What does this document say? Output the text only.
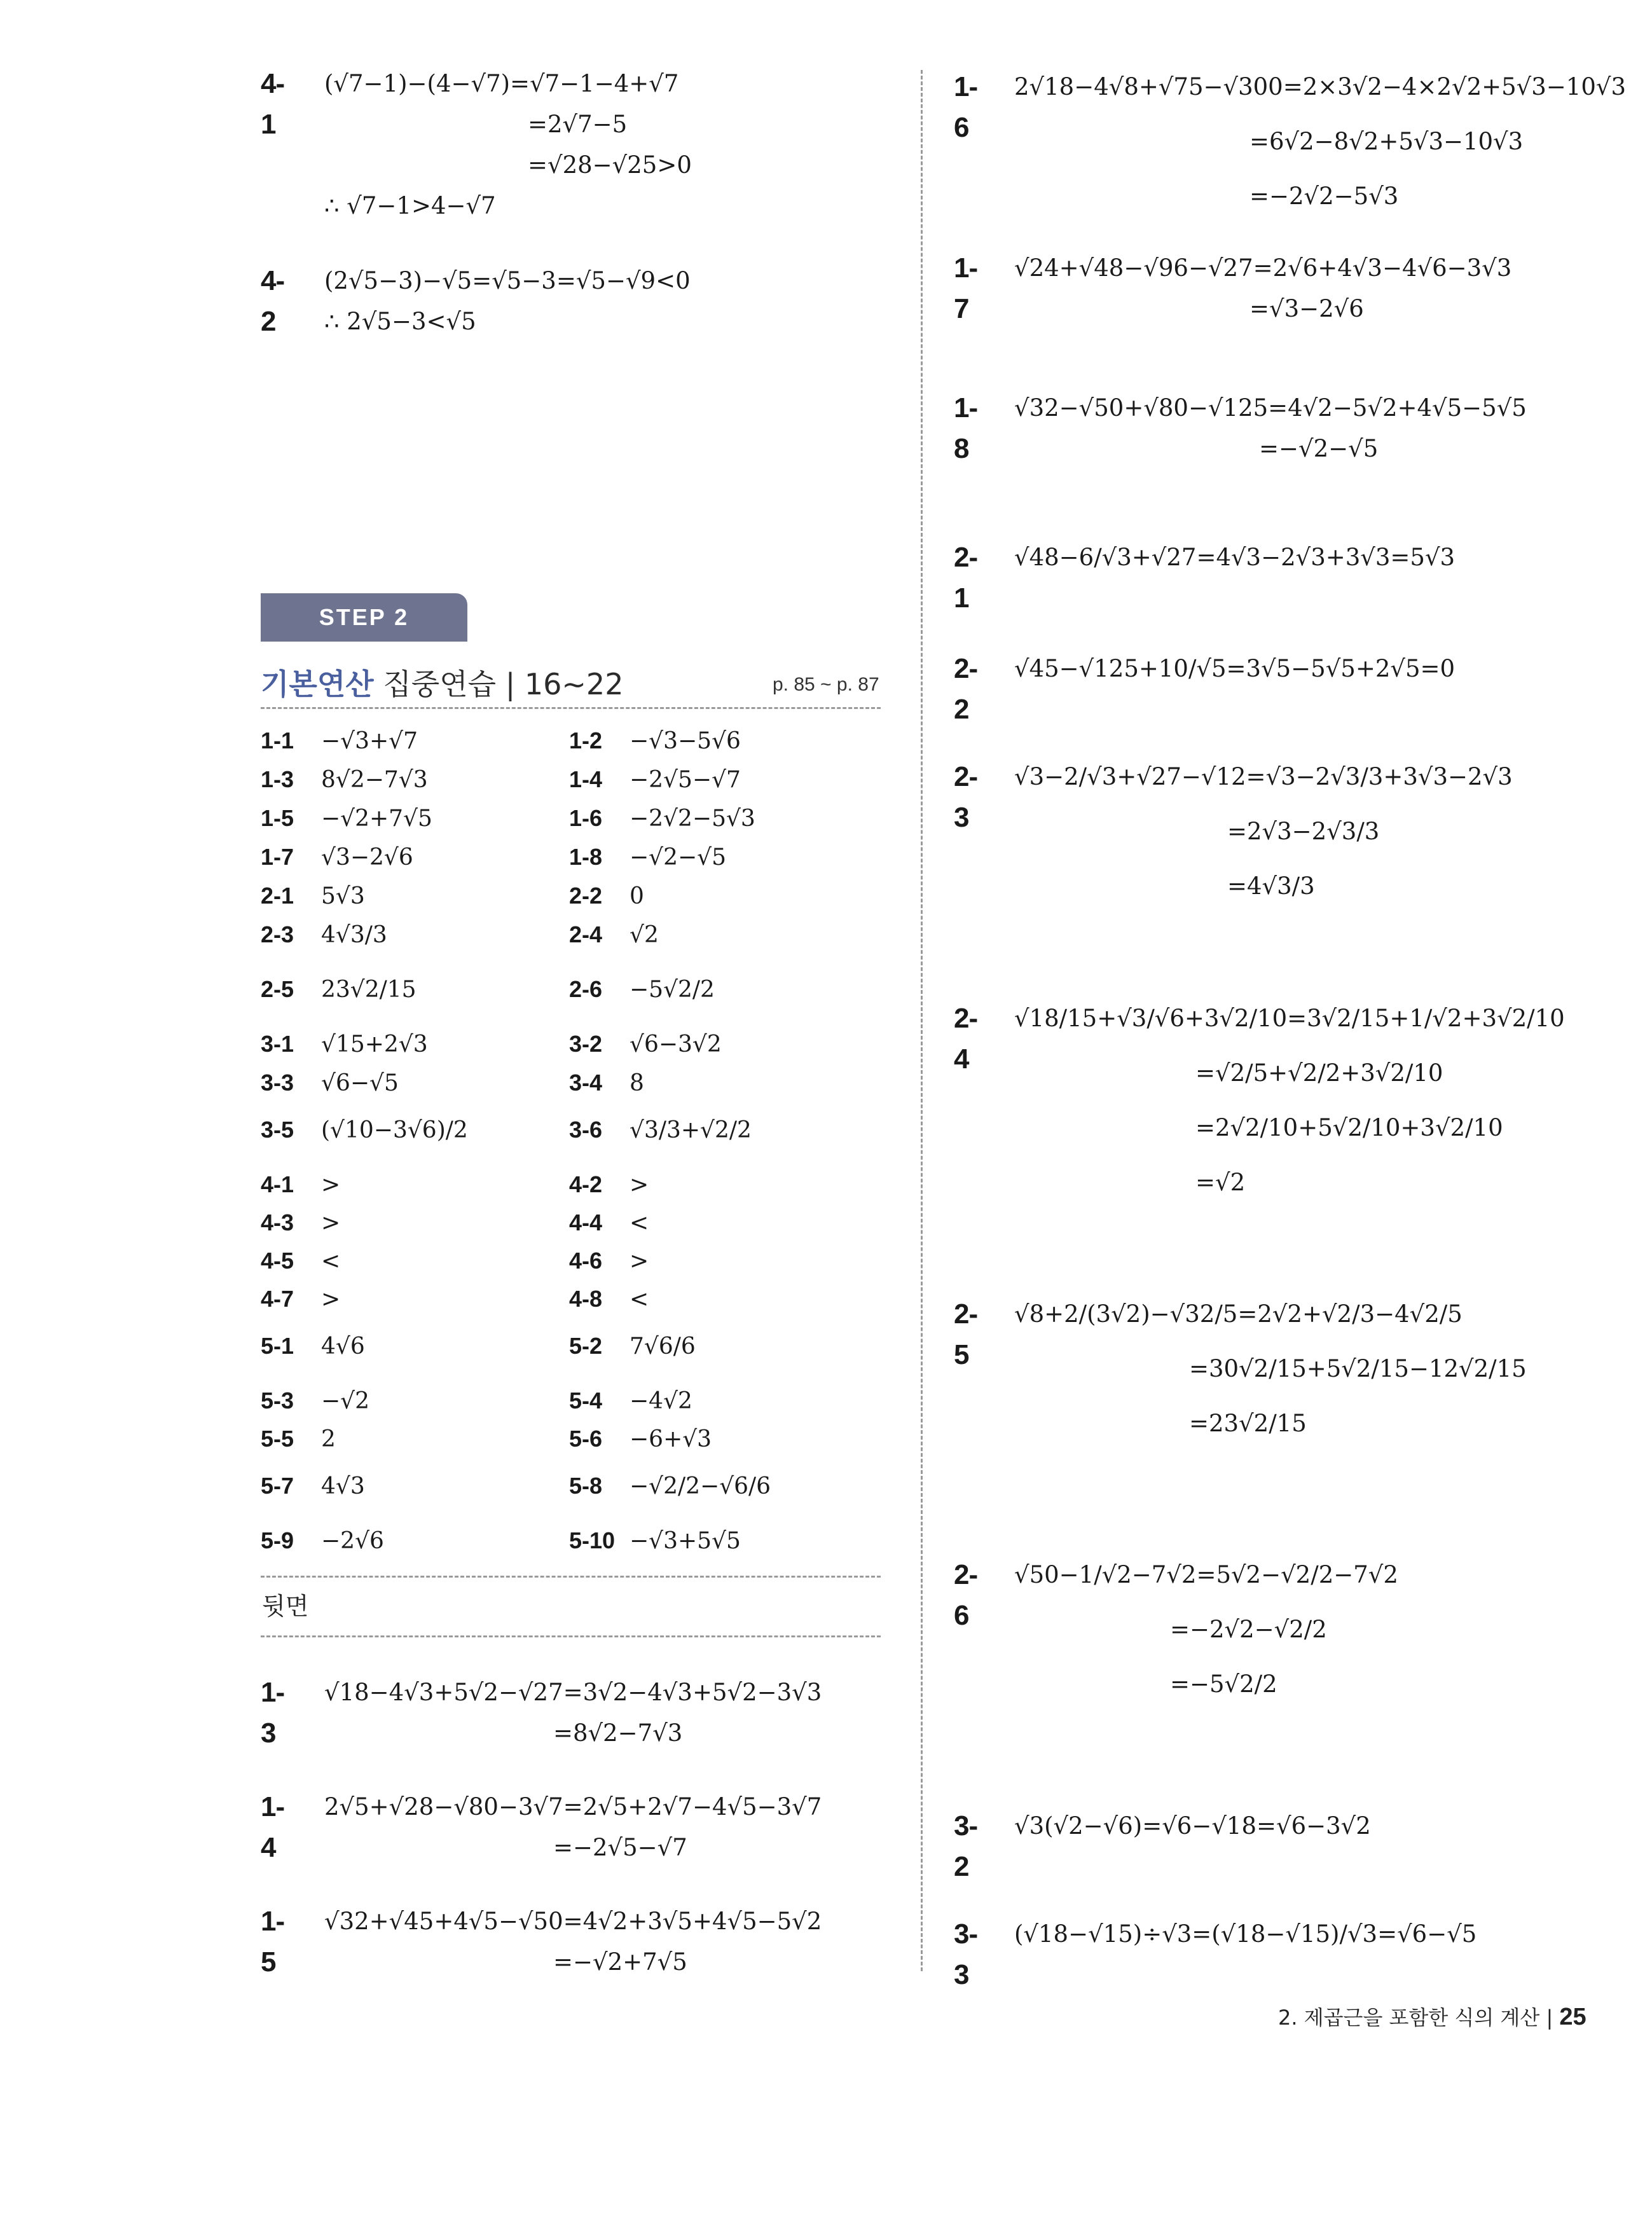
4-1
(√7−1)−(4−√7)=√7−1−4+√7
=2√7−5
=√28−√25>0
∴ √7−1>4−√7
4-2
(2√5−3)−√5=√5−3=√5−√9<0
∴ 2√5−3<√5
STEP 2
기본연산 집중연습 | 16~22	p. 85 ~ p. 87
1-1 −√3+√7	1-2 −√3−5√6
1-3 8√2−7√3	1-4 −2√5−√7
1-5 −√2+7√5	1-6 −2√2−5√3
1-7 √3−2√6	1-8 −√2−√5
2-1 5√3	2-2 0
2-3 4√3/3	2-4 √2
2-5 23√2/15	2-6 −5√2/2
3-1 √15+2√3	3-2 √6−3√2
3-3 √6−√5	3-4 8
3-5 (√10−3√6)/2	3-6 √3/3+√2/2
4-1 >	4-2 >
4-3 >	4-4 <
4-5 <	4-6 >
4-7 >	4-8 <
5-1 4√6	5-2 7√6/6
5-3 −√2	5-4 −4√2
5-5 2	5-6 −6+√3
5-7 4√3	5-8 −√2/2−√6/6
5-9 −2√6	5-10 −√3+5√5
뒷면
1-3
√18−4√3+5√2−√27=3√2−4√3+5√2−3√3
=8√2−7√3
1-4
2√5+√28−√80−3√7=2√5+2√7−4√5−3√7
=−2√5−√7
1-5
√32+√45+4√5−√50=4√2+3√5+4√5−5√2
=−√2+7√5
1-6
2√18−4√8+√75−√300=2×3√2−4×2√2+5√3−10√3
=6√2−8√2+5√3−10√3
=−2√2−5√3
1-7
√24+√48−√96−√27=2√6+4√3−4√6−3√3
=√3−2√6
1-8
√32−√50+√80−√125=4√2−5√2+4√5−5√5
=−√2−√5
2-1
√48−6/√3+√27=4√3−2√3+3√3=5√3
2-2
√45−√125+10/√5=3√5−5√5+2√5=0
2-3
√3−2/√3+√27−√12=√3−2√3/3+3√3−2√3
=2√3−2√3/3
=4√3/3
2-4
√18/15+√3/√6+3√2/10=3√2/15+1/√2+3√2/10
=√2/5+√2/2+3√2/10
=2√2/10+5√2/10+3√2/10
=√2
2-5
√8+2/(3√2)−√32/5=2√2+√2/3−4√2/5
=30√2/15+5√2/15−12√2/15
=23√2/15
2-6
√50−1/√2−7√2=5√2−√2/2−7√2
=−2√2−√2/2
=−5√2/2
3-2
√3(√2−√6)=√6−√18=√6−3√2
3-3
(√18−√15)÷√3=(√18−√15)/√3=√6−√5
2. 제곱근을 포함한 식의 계산 | 25
